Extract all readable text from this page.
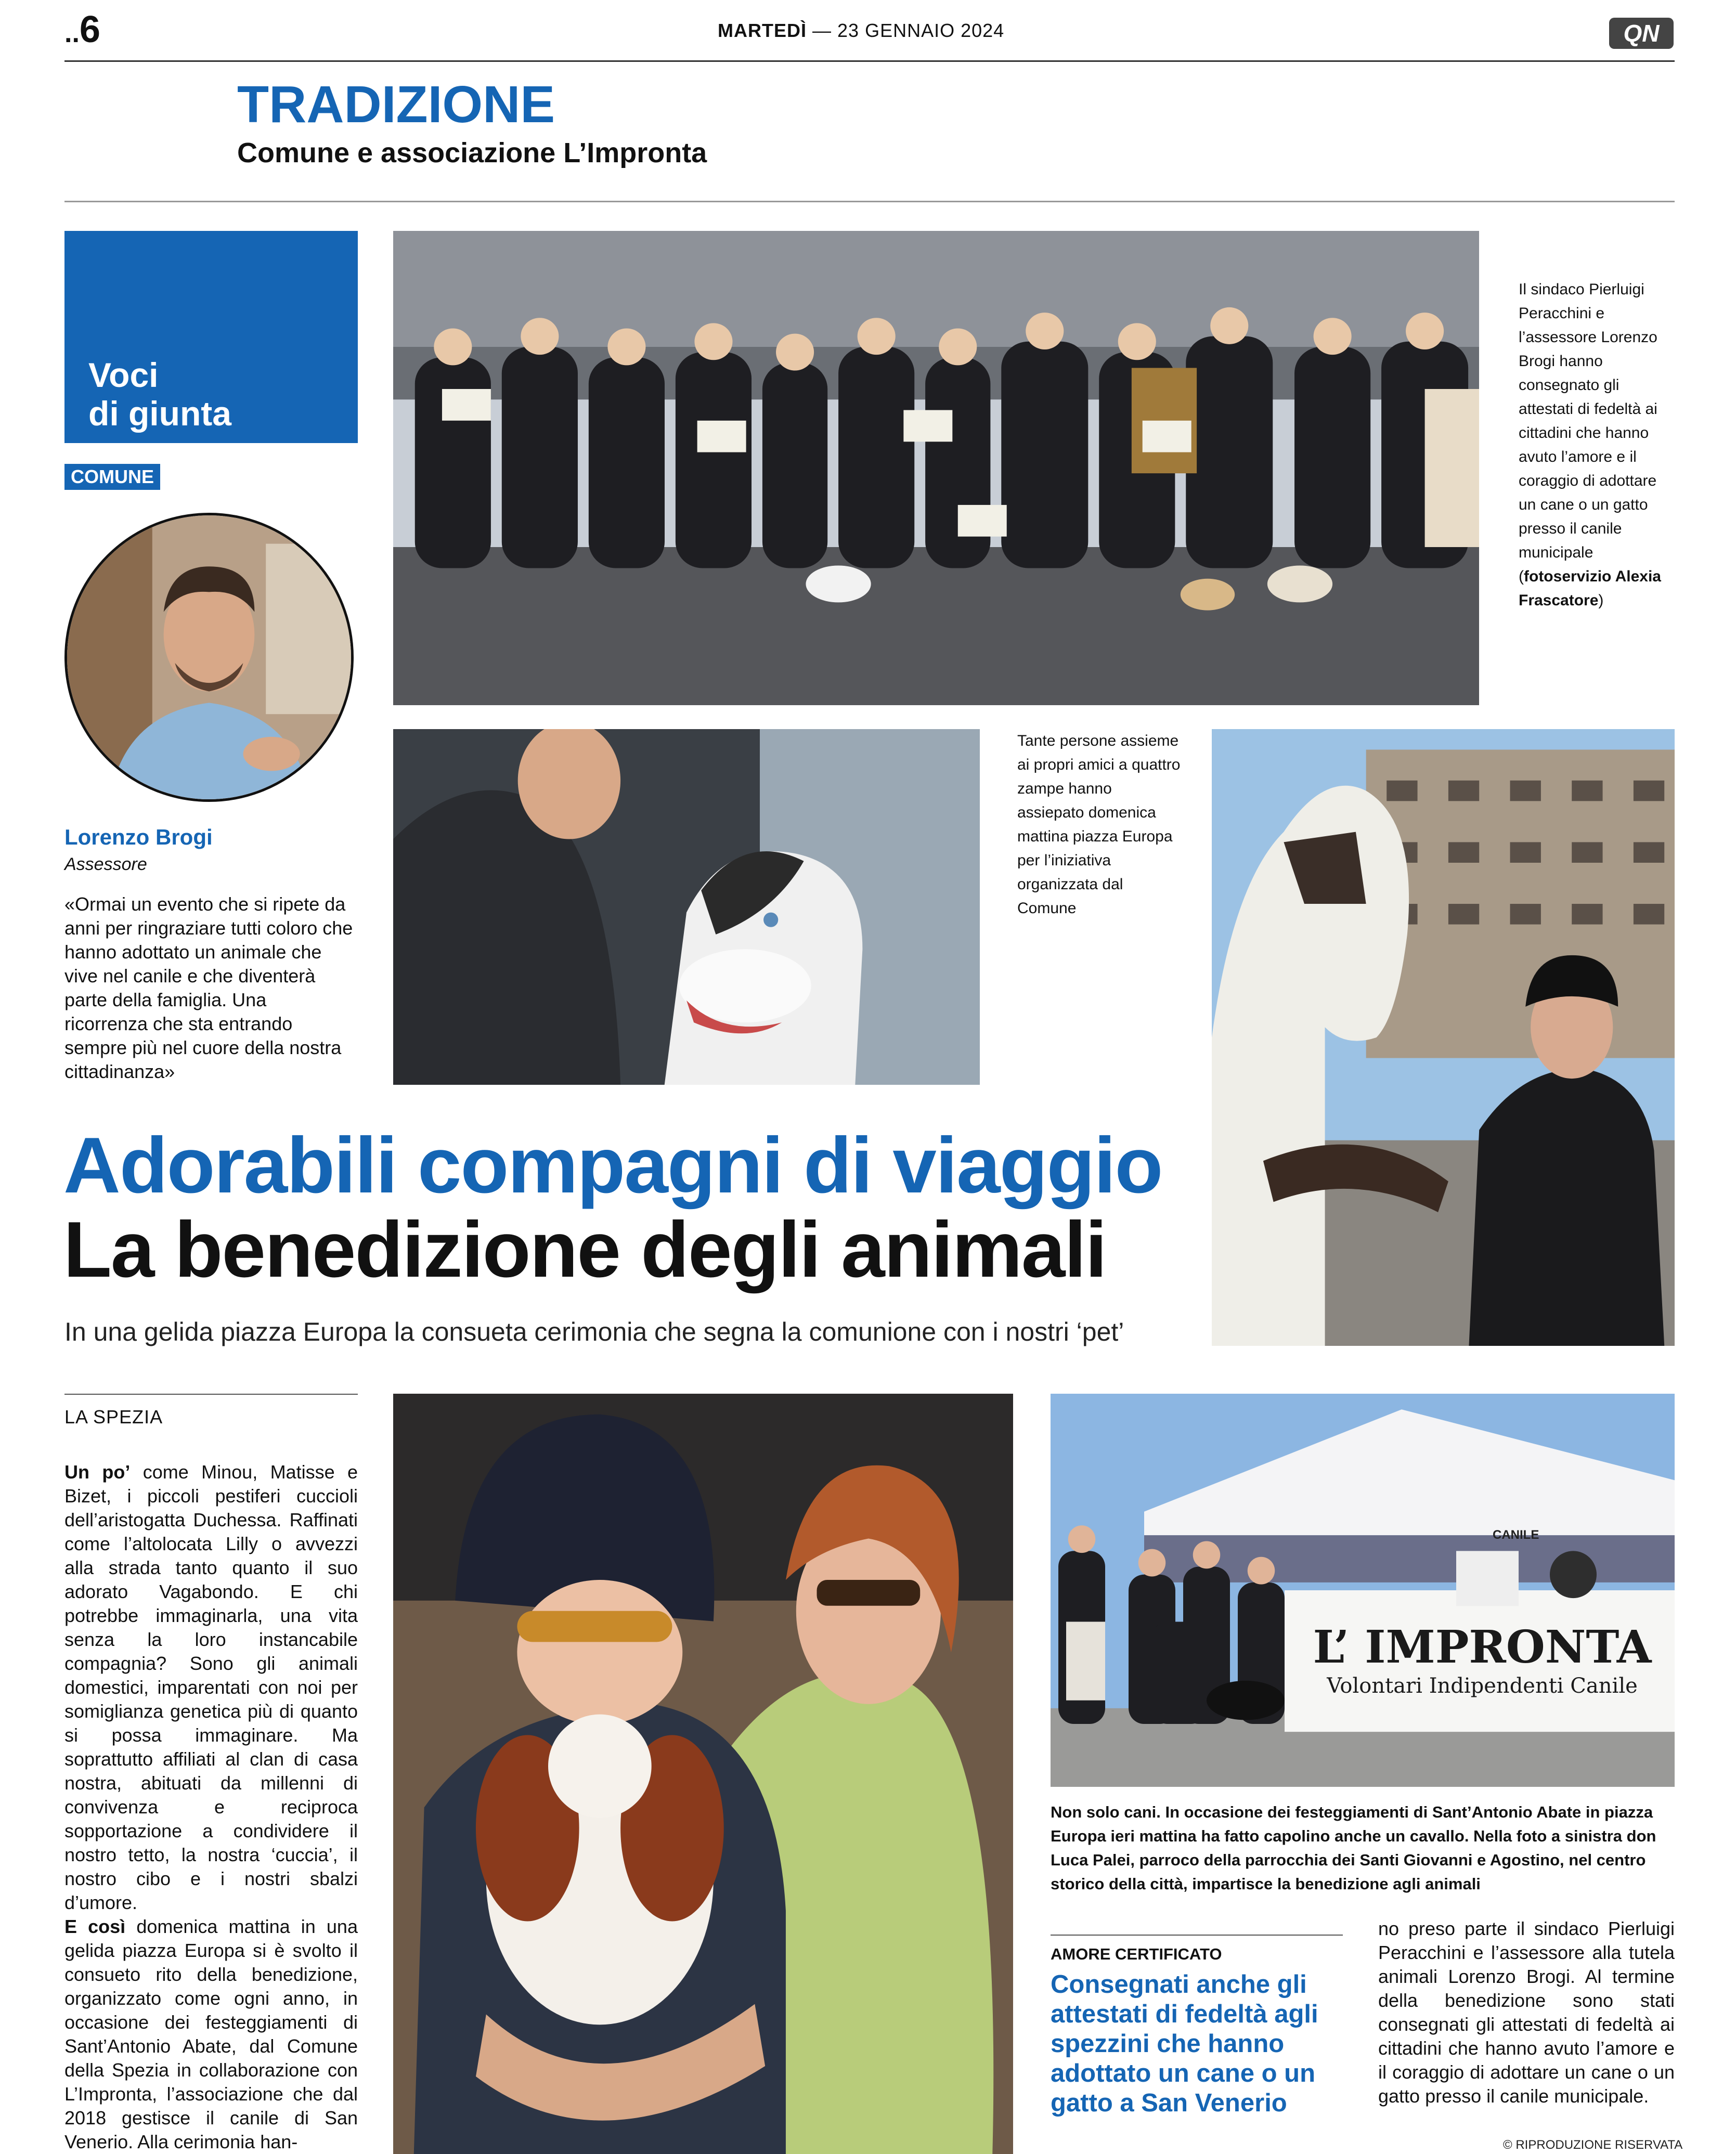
..6	MARTEDÌ — 23 GENNAIO 2024	QN
TRADIZIONE
Comune e associazione L’Impronta
Voci
di giunta
COMUNE
Lorenzo Brogi
Assessore
«Ormai un evento che si ripete da anni per ringraziare tutti coloro che hanno adottato un animale che vive nel canile e che diventerà parte della famiglia. Una ricorrenza che sta entrando sempre più nel cuore della nostra cittadinanza»
Il sindaco Pierluigi Peracchini e l’assessore Lorenzo Brogi hanno consegnato gli attestati di fedeltà ai cittadini che hanno avuto l’amore e il coraggio di adottare un cane o un gatto presso il canile municipale (fotoservizio Alexia Frascatore)
Tante persone assieme ai propri amici a quattro zampe hanno assiepato domenica mattina piazza Europa per l’iniziativa organizzata dal Comune
Adorabili compagni di viaggio
La benedizione degli animali
In una gelida piazza Europa la consueta cerimonia che segna la comunione con i nostri ‘pet’
LA SPEZIA

Un po’ come Minou, Matisse e Bizet, i piccoli pestiferi cuccioli dell’aristogatta Duchessa. Raffinati come l’altolocata Lilly o avvezzi alla strada tanto quanto il suo adorato Vagabondo. E chi potrebbe immaginarla, una vita senza la loro instancabile compagnia? Sono gli animali domestici, imparentati con noi per somiglianza genetica più di quanto si possa immaginare. Ma soprattutto affiliati al clan di casa nostra, abituati da millenni di convivenza e reciproca sopportazione a condividere il nostro tetto, la nostra ‘cuccia’, il nostro cibo e i nostri sbalzi d’umore.

E così domenica mattina in una gelida piazza Europa si è svolto il consueto rito della benedizione, organizzato come ogni anno, in occasione dei festeggiamenti di Sant’Antonio Abate, dal Comune della Spezia in collaborazione con L’Impronta, l’associazione che dal 2018 gestisce il canile di San Venerio. Alla cerimonia han-

L’ IMPRONTA
Volontari Indipendenti Canile
CANILE
Non solo cani. In occasione dei festeggiamenti di Sant’Antonio Abate in piazza Europa ieri mattina ha fatto capolino anche un cavallo. Nella foto a sinistra don Luca Palei, parroco della parrocchia dei Santi Giovanni e Agostino, nel centro storico della città, impartisce la benedizione agli animali
AMORE CERTIFICATO
Consegnati anche gli attestati di fedeltà agli spezzini che hanno adottato un cane o un gatto a San Venerio
no preso parte il sindaco Pierluigi Peracchini e l’assessore alla tutela animali Lorenzo Brogi. Al termine della benedizione sono stati consegnati gli attestati di fedeltà ai cittadini che hanno avuto l’amore e il coraggio di adottare un cane o un gatto presso il canile municipale.
© RIPRODUZIONE RISERVATA
